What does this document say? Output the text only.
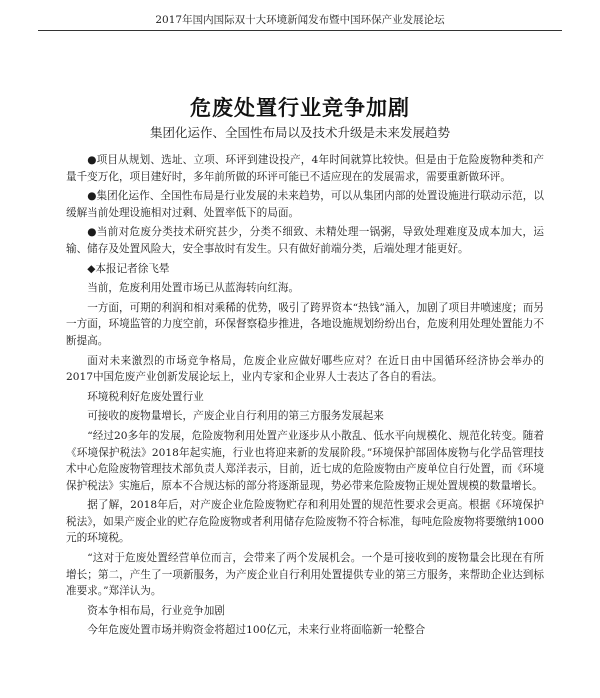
2017年国内国际双十大环境新闻发布暨中国环保产业发展论坛
危废处置行业竞争加剧
集团化运作、全国性布局以及技术升级是未来发展趋势

●项目从规划、选址、立项、环评到建设投产，4年时间就算比较快。但是由于危险废物种类和产量千变万化，项目建好时，多年前所做的环评可能已不适应现在的发展需求，需要重新做环评。

●集团化运作、全国性布局是行业发展的未来趋势，可以从集团内部的处置设施进行联动示范，以缓解当前处理设施相对过剩、处置率低下的局面。

●当前对危废分类技术研究甚少，分类不细致、未精处理一锅粥，导致处理难度及成本加大，运输、储存及处置风险大，安全事故时有发生。只有做好前端分类，后端处理才能更好。

◆本报记者徐飞晕

当前，危废利用处置市场已从蓝海转向红海。

一方面，可期的利润和相对乘稀的优势，吸引了跨界资本“热钱”涌入，加剧了项目井喷速度；而另一方面，环境监管的力度空前，环保督察稳步推进，各地设施规划纷纷出台，危废利用处理处置能力不断提高。

面对未来激烈的市场竞争格局，危废企业应做好哪些应对？在近日由中国循环经济协会举办的2017中国危废产业创新发展论坛上，业内专家和企业界人士表达了各自的看法。

环境税利好危废处置行业

可接收的废物量增长，产废企业自行利用的第三方服务发展起来

“经过20多年的发展，危险废物利用处置产业逐步从小散乱、低水平向规模化、规范化转变。随着《环境保护税法》2018年起实施，行业也将迎来新的发展阶段。”环境保护部固体废物与化学品管理技术中心危险废物管理技术部负责人郑洋表示，目前，近七成的危险废物由产废单位自行处置，而《环境保护税法》实施后，原本不合规达标的部分将逐渐显现，势必带来危险废物正规处置规模的数量增长。

据了解，2018年后，对产废企业危险废物贮存和利用处置的规范性要求会更高。根据《环境保护税法》，如果产废企业的贮存危险废物或者利用储存危险废物不符合标准，每吨危险废物将要缴纳1000元的环境税。

“这对于危废处置经营单位而言，会带来了两个发展机会。一个是可接收到的废物量会比现在有所增长；第二，产生了一项新服务，为产废企业自行利用处置提供专业的第三方服务，来帮助企业达到标准要求。”郑洋认为。

资本争相布局，行业竞争加剧

今年危废处置市场并购资金将超过100亿元，未来行业将面临新一轮整合
